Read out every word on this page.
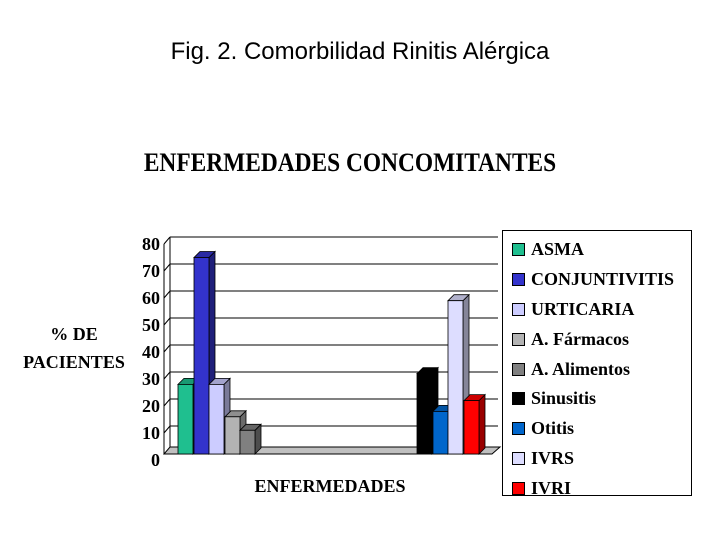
Fig. 2. Comorbilidad Rinitis Alérgica
ENFERMEDADES CONCOMITANTES
% DE
PACIENTES
0
10
20
30
40
50
60
70
80
ENFERMEDADES
ASMA
CONJUNTIVITIS
URTICARIA
A. Fármacos
A. Alimentos
Sinusitis
Otitis
IVRS
IVRI
